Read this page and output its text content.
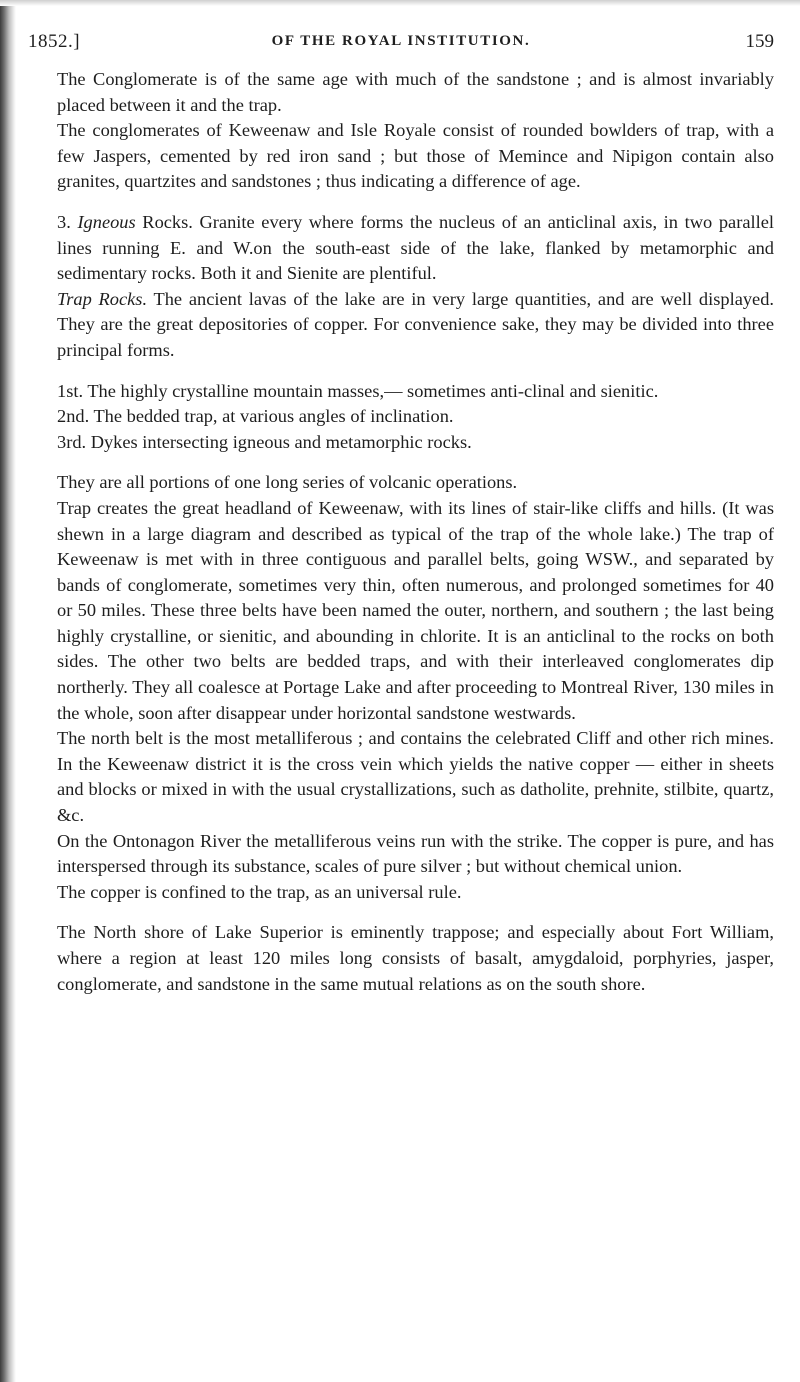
1852.]	OF THE ROYAL INSTITUTION.	159

The Conglomerate is of the same age with much of the sandstone ; and is almost invariably placed between it and the trap.

The conglomerates of Keweenaw and Isle Royale consist of rounded bowlders of trap, with a few Jaspers, cemented by red iron sand ; but those of Memince and Nipigon contain also granites, quartzites and sandstones ; thus indicating a difference of age.

3. Igneous Rocks. Granite every where forms the nucleus of an anticlinal axis, in two parallel lines running E. and W.on the south-east side of the lake, flanked by metamorphic and sedimentary rocks. Both it and Sienite are plentiful.

Trap Rocks. The ancient lavas of the lake are in very large quantities, and are well displayed. They are the great depositories of copper. For convenience sake, they may be divided into three principal forms.

1st. The highly crystalline mountain masses,— sometimes anti-clinal and sienitic.

2nd. The bedded trap, at various angles of inclination.

3rd. Dykes intersecting igneous and metamorphic rocks.

They are all portions of one long series of volcanic operations.

Trap creates the great headland of Keweenaw, with its lines of stair-like cliffs and hills. (It was shewn in a large diagram and described as typical of the trap of the whole lake.) The trap of Keweenaw is met with in three contiguous and parallel belts, going WSW., and separated by bands of conglomerate, sometimes very thin, often numerous, and prolonged sometimes for 40 or 50 miles. These three belts have been named the outer, northern, and southern ; the last being highly crystalline, or sienitic, and abounding in chlorite. It is an anticlinal to the rocks on both sides. The other two belts are bedded traps, and with their interleaved conglomerates dip northerly. They all coalesce at Portage Lake and after proceeding to Montreal River, 130 miles in the whole, soon after disappear under horizontal sandstone westwards.

The north belt is the most metalliferous ; and contains the celebrated Cliff and other rich mines. In the Keweenaw district it is the cross vein which yields the native copper — either in sheets and blocks or mixed in with the usual crystallizations, such as datholite, prehnite, stilbite, quartz, &c.

On the Ontonagon River the metalliferous veins run with the strike. The copper is pure, and has interspersed through its substance, scales of pure silver ; but without chemical union.

The copper is confined to the trap, as an universal rule.

The North shore of Lake Superior is eminently trappose; and especially about Fort William, where a region at least 120 miles long consists of basalt, amygdaloid, porphyries, jasper, conglomerate, and sandstone in the same mutual relations as on the south shore.
